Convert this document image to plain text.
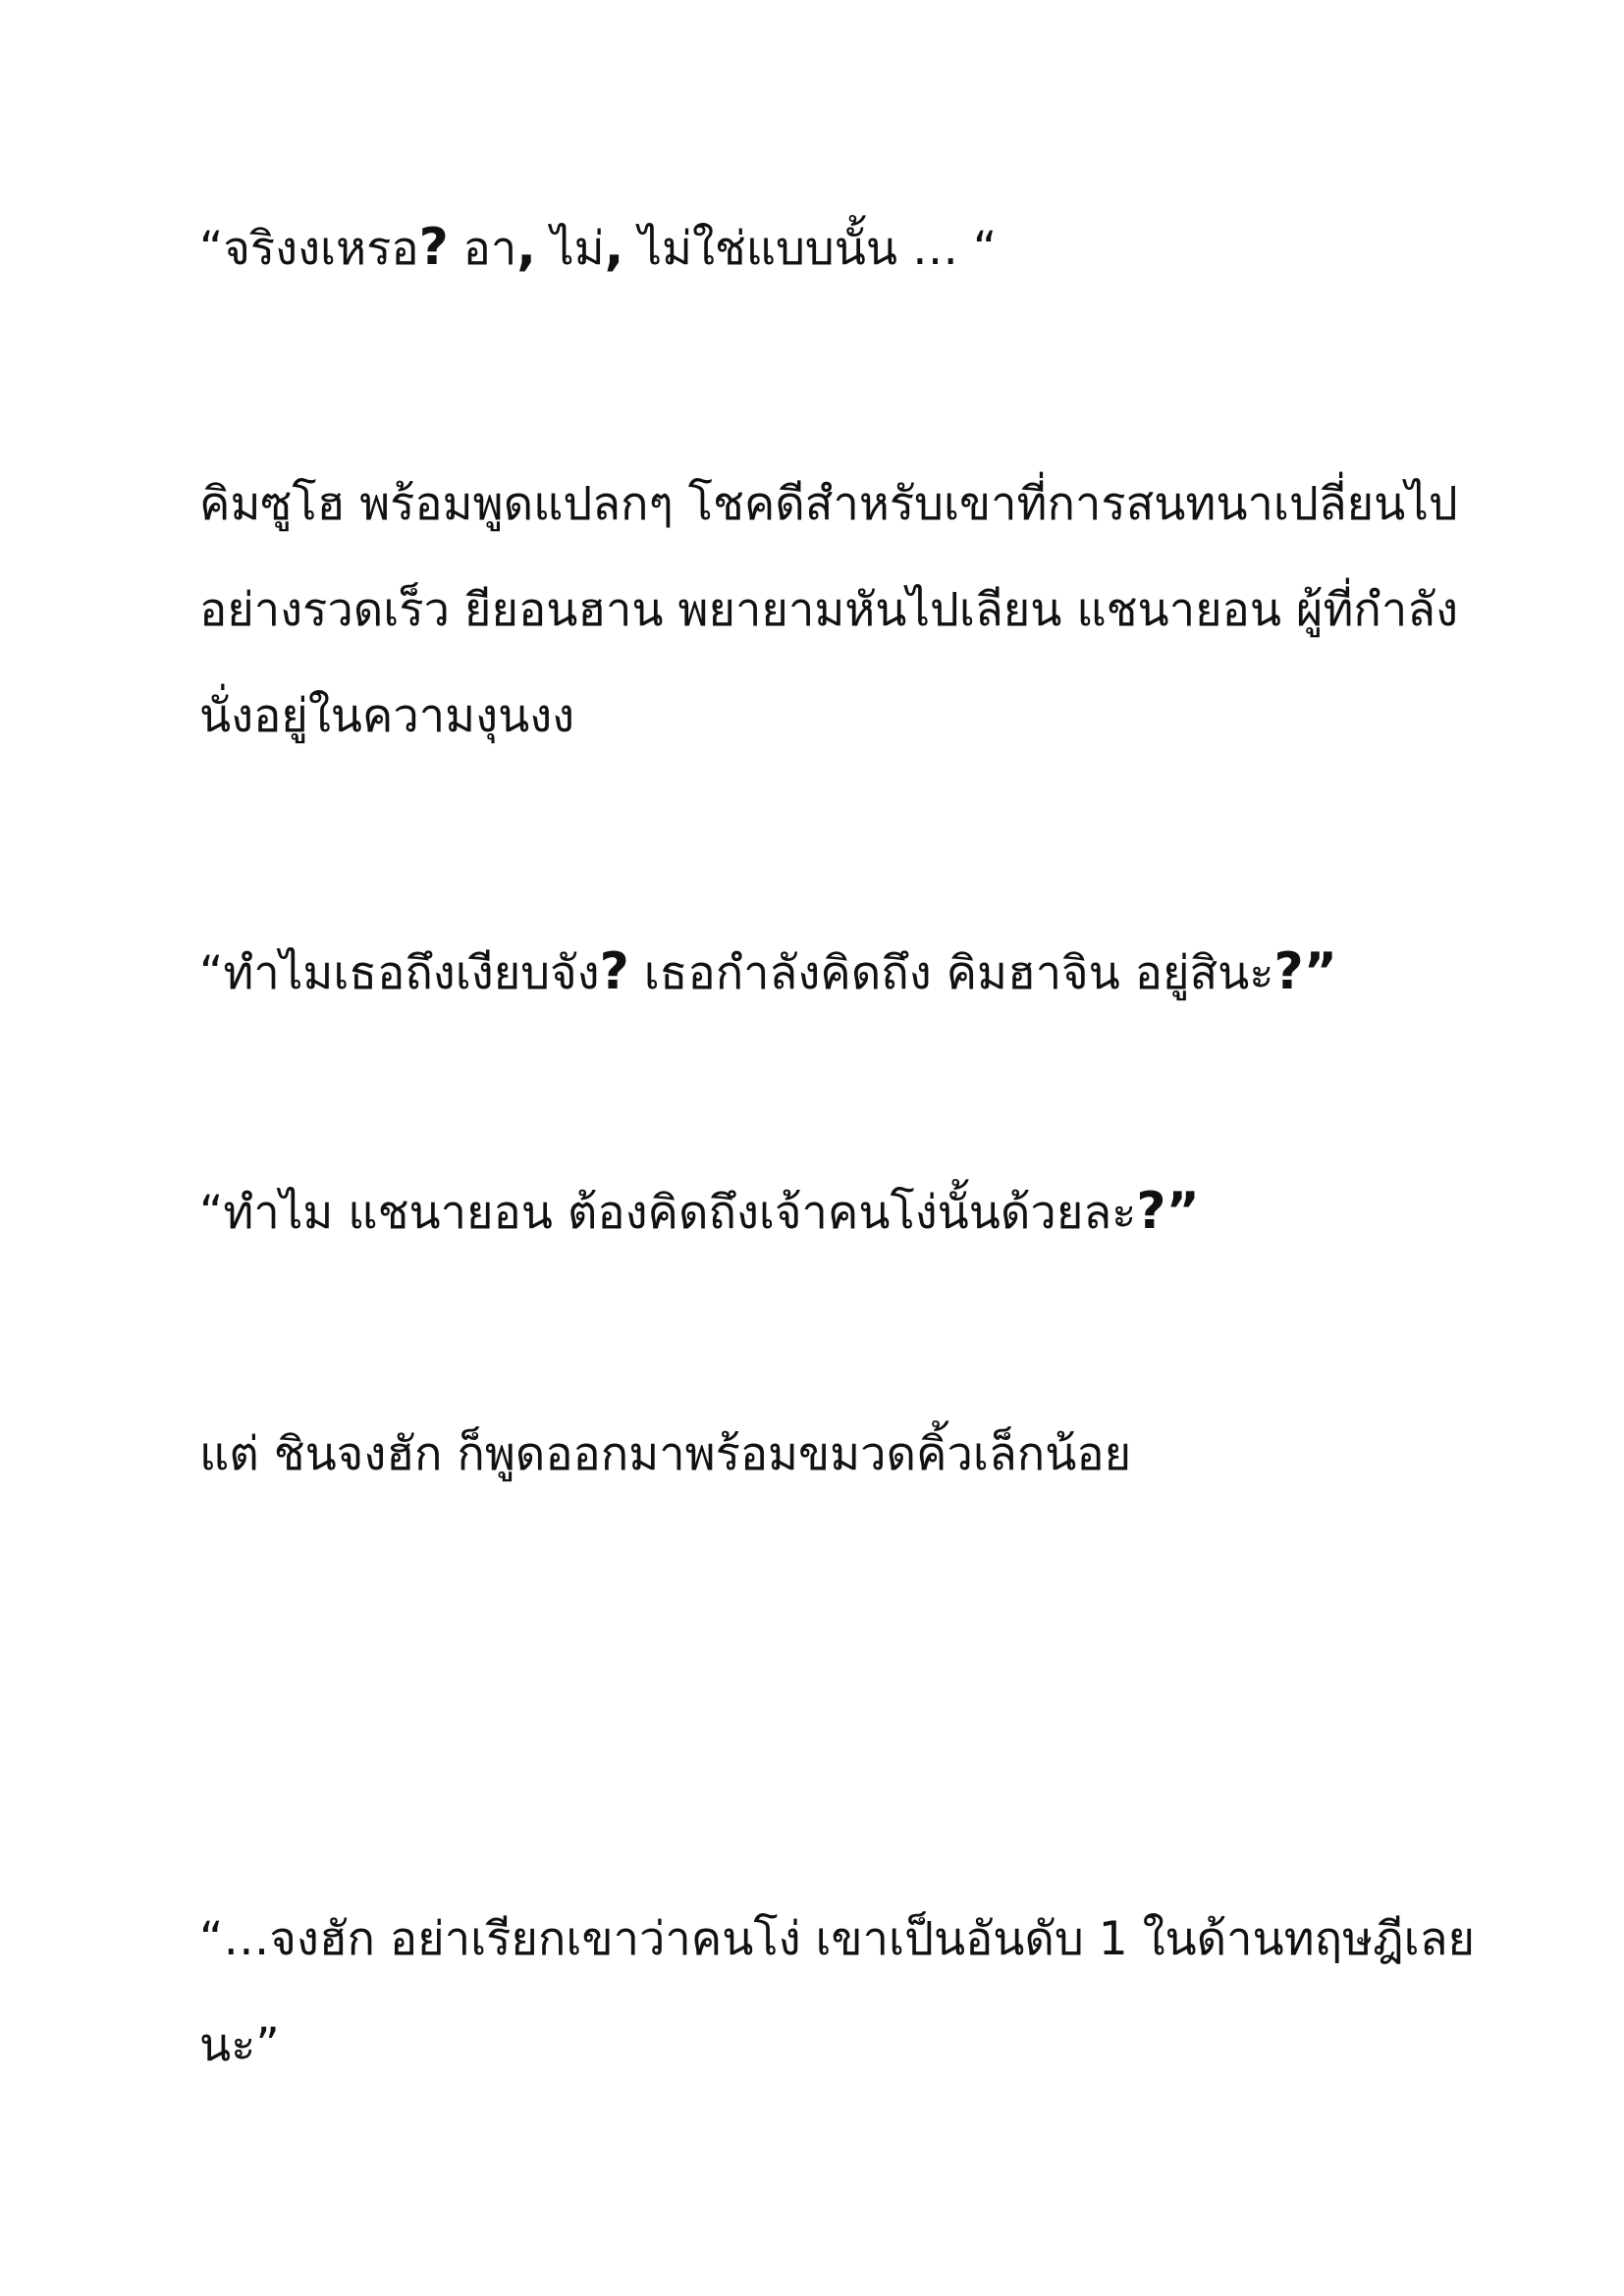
“จริงงเหรอ? อา, ไม่, ไม่ใช่แบบนั้น … “

คิมซูโฮ พร้อมพูดแปลกๆ โชคดีสำหรับเขาที่การสนทนาเปลี่ยนไป
อย่างรวดเร็ว ยียอนฮาน พยายามหันไปเลียน แชนายอน ผู้ที่กำลัง
นั่งอยู่ในความงุนงง

“ทำไมเธอถึงเงียบจัง? เธอกำลังคิดถึง คิมฮาจิน อยู่สินะ?”

“ทำไม แชนายอน ต้องคิดถึงเจ้าคนโง่นั้นด้วยละ?”

แต่ ชินจงฮัก ก็พูดออกมาพร้อมขมวดคิ้วเล็กน้อย

“…จงฮัก อย่าเรียกเขาว่าคนโง่ เขาเป็นอันดับ 1 ในด้านทฤษฎีเลย
นะ”
